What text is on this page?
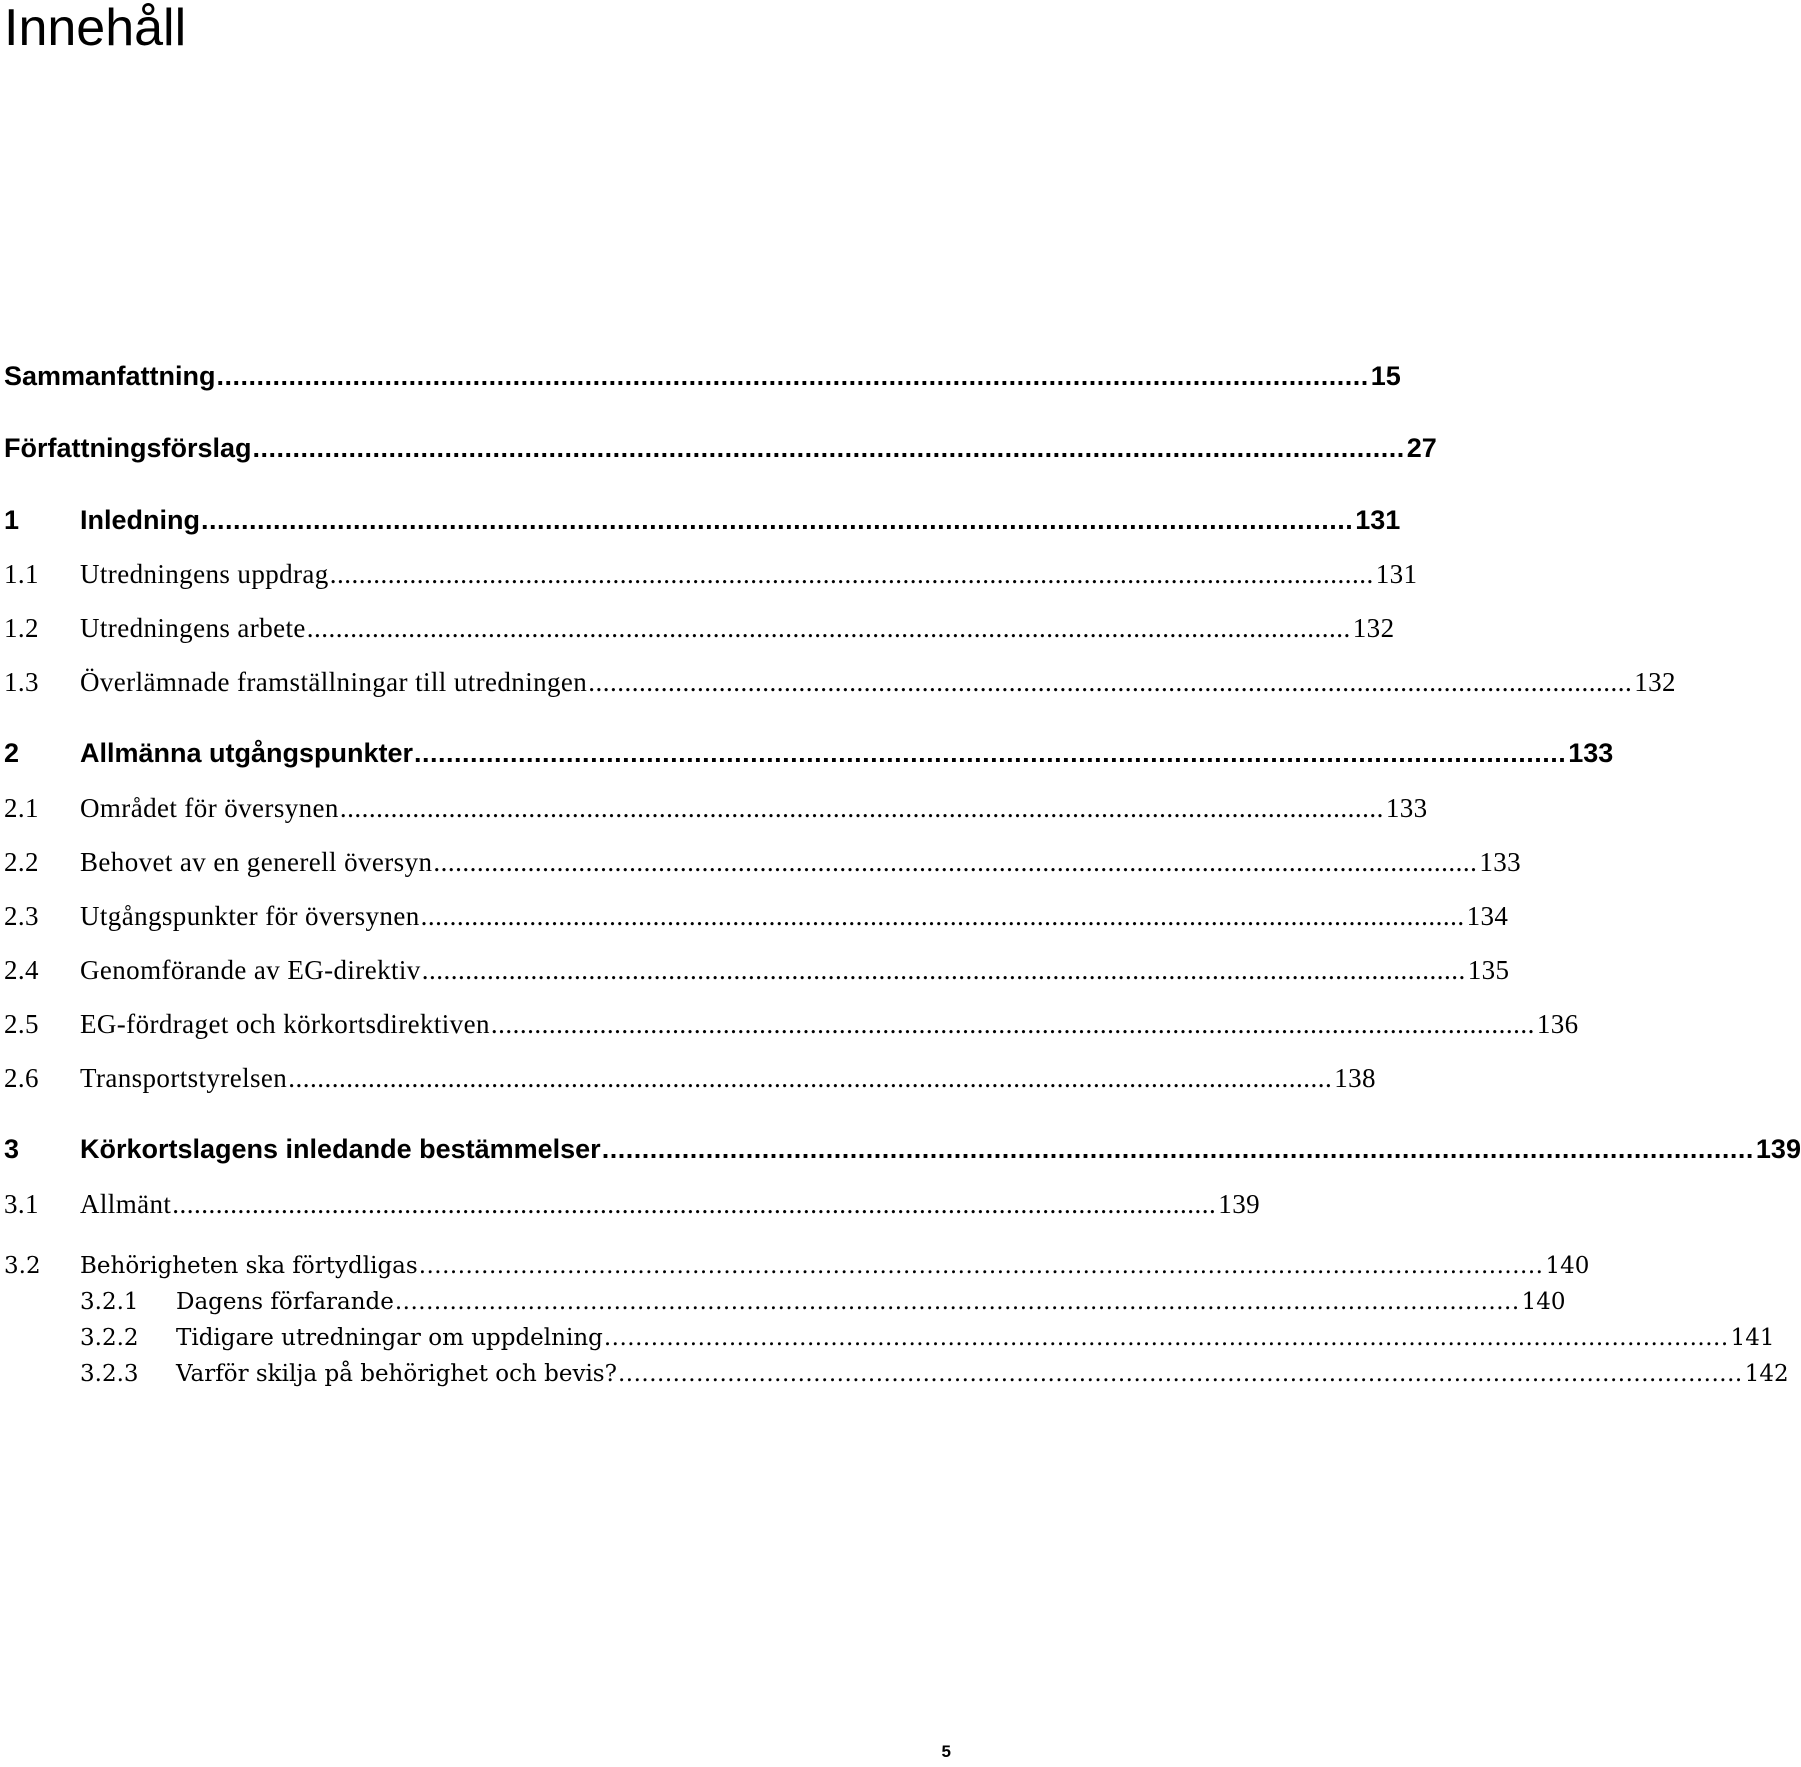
Innehåll
Sammanfattning ................................................................................................................................................ 15
Författningsförslag ................................................................................................................................................ 27
1	Inledning ................................................................................................................................................ 131
1.1	Utredningens uppdrag ................................................................................................................................................ 131
1.2	Utredningens arbete ................................................................................................................................................ 132
1.3	Överlämnade framställningar till utredningen ................................................................................................................................................ 132
2	Allmänna utgångspunkter ................................................................................................................................................ 133
2.1	Området för översynen ................................................................................................................................................ 133
2.2	Behovet av en generell översyn ................................................................................................................................................ 133
2.3	Utgångspunkter för översynen ................................................................................................................................................ 134
2.4	Genomförande av EG-direktiv ................................................................................................................................................ 135
2.5	EG-fördraget och körkortsdirektiven ................................................................................................................................................ 136
2.6	Transportstyrelsen ................................................................................................................................................ 138
3	Körkortslagens inledande bestämmelser ................................................................................................................................................ 139
3.1	Allmänt ................................................................................................................................................ 139
3.2	Behörigheten ska förtydligas ................................................................................................................................................ 140
3.2.1	Dagens förfarande ................................................................................................................................................ 140
3.2.2	Tidigare utredningar om uppdelning ................................................................................................................................................ 141
3.2.3	Varför skilja på behörighet och bevis? ................................................................................................................................................ 142
5
